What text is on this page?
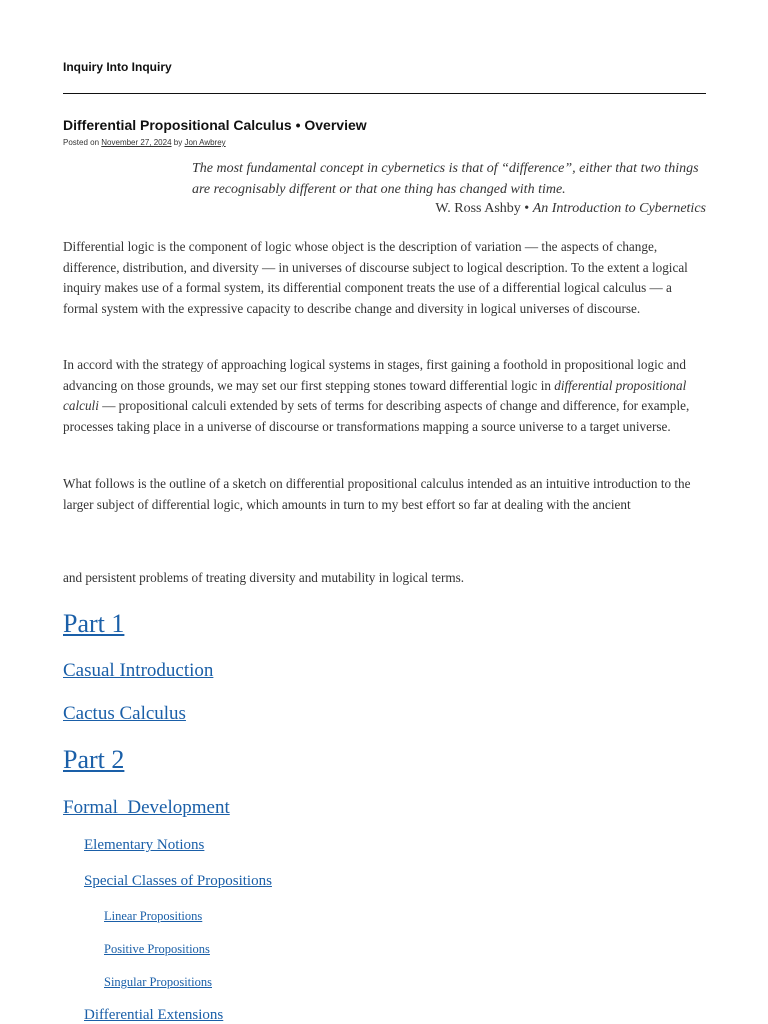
Inquiry Into Inquiry
Differential Propositional Calculus • Overview
Posted on November 27, 2024 by Jon Awbrey

The most fundamental concept in cybernetics is that of “difference”, either that two things are recognisably different or that one thing has changed with time.

W. Ross Ashby • An Introduction to Cybernetics

Differential logic is the component of logic whose object is the description of variation — the aspects of change, difference, distribution, and diversity — in universes of discourse subject to logical description. To the extent a logical inquiry makes use of a formal system, its differential component treats the use of a differential logical calculus — a formal system with the expressive capacity to describe change and diversity in logical universes of discourse.

In accord with the strategy of approaching logical systems in stages, first gaining a foothold in propositional logic and advancing on those grounds, we may set our first stepping stones toward differential logic in differential propositional calculi — propositional calculi extended by sets of terms for describing aspects of change and difference, for example, processes taking place in a universe of discourse or transformations mapping a source universe to a target universe.

What follows is the outline of a sketch on differential propositional calculus intended as an intuitive introduction to the larger subject of differential logic, which amounts in turn to my best effort so far at dealing with the ancient

and persistent problems of treating diversity and mutability in logical terms.

Part 1
Casual Introduction
Cactus Calculus
Part 2
Formal  Development
Elementary Notions
Special Classes of Propositions
Linear Propositions
Positive Propositions
Singular Propositions
Differential Extensions
